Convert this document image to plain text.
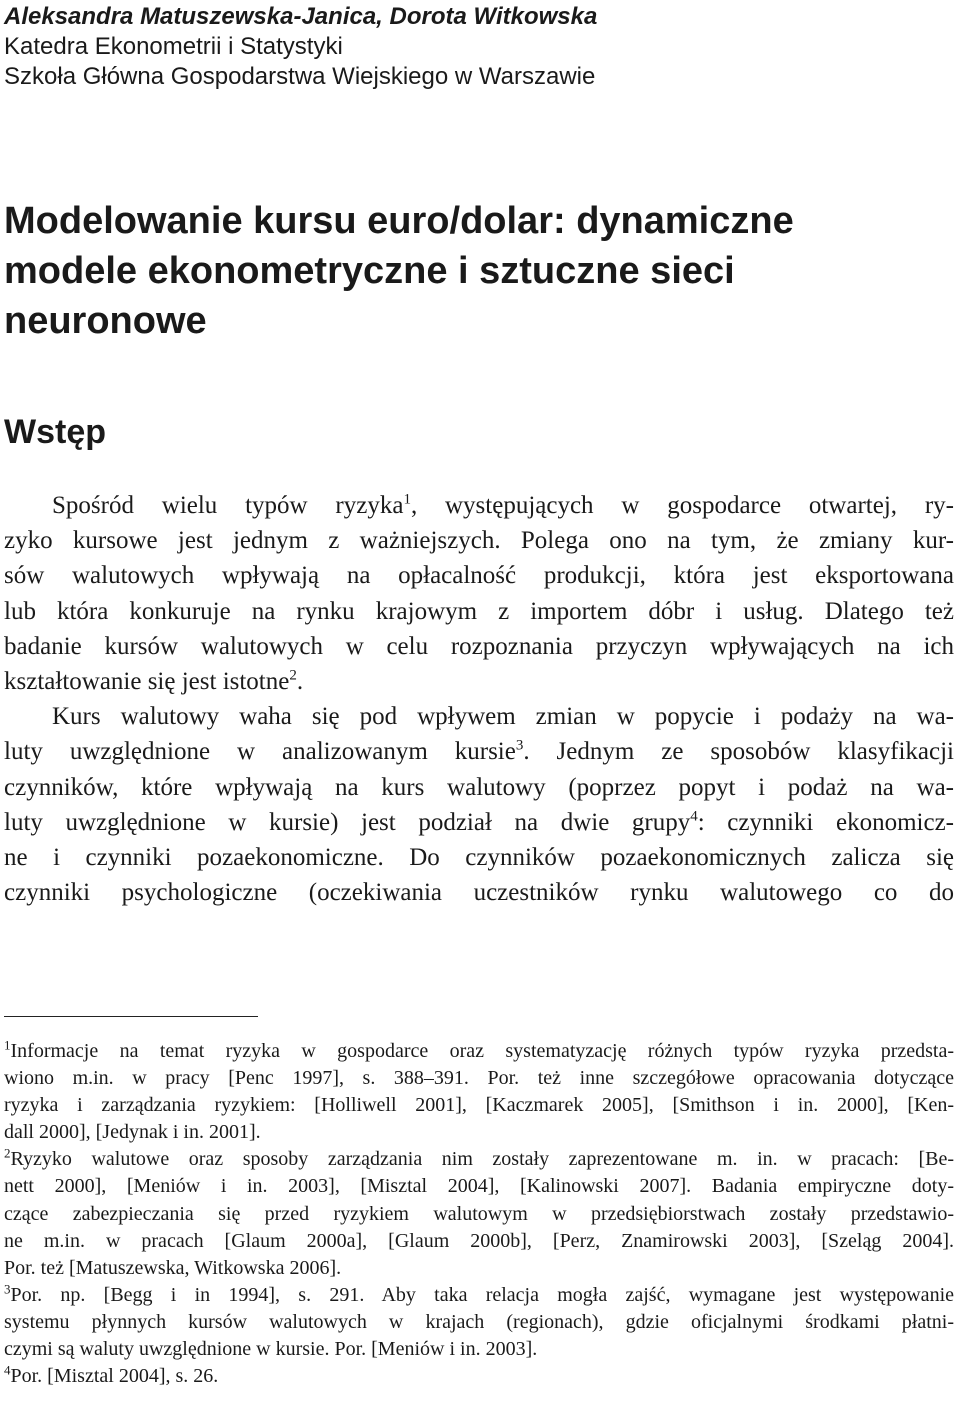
Aleksandra Matuszewska-Janica, Dorota Witkowska
Katedra Ekonometrii i Statystyki
Szkoła Główna Gospodarstwa Wiejskiego w Warszawie
Modelowanie kursu euro/dolar: dynamiczne
modele ekonometryczne i sztuczne sieci
neuronowe
Wstęp
Spośród wielu typów ryzyka$^1$, występujących w gospodarce otwartej, ry-
zyko kursowe jest jednym z ważniejszych. Polega ono na tym, że zmiany kur-
sów walutowych wpływają na opłacalność produkcji, która jest eksportowana
lub która konkuruje na rynku krajowym z importem dóbr i usług. Dlatego też
badanie kursów walutowych w celu rozpoznania przyczyn wpływających na ich
kształtowanie się jest istotne$^2$.
Kurs walutowy waha się pod wpływem zmian w popycie i podaży na wa-
luty uwzględnione w analizowanym kursie$^3$. Jednym ze sposobów klasyfikacji
czynników, które wpływają na kurs walutowy (poprzez popyt i podaż na wa-
luty uwzględnione w kursie) jest podział na dwie grupy$^4$: czynniki ekonomicz-
ne i czynniki pozaekonomiczne. Do czynników pozaekonomicznych zalicza się
czynniki psychologiczne (oczekiwania uczestników rynku walutowego co do
$^1$Informacje na temat ryzyka w gospodarce oraz systematyzację różnych typów ryzyka przedsta-
wiono m.in. w pracy [Penc 1997], s. 388–391. Por. też inne szczegółowe opracowania dotyczące
ryzyka i zarządzania ryzykiem: [Holliwell 2001], [Kaczmarek 2005], [Smithson i in. 2000], [Ken-
dall 2000], [Jedynak i in. 2001].
$^2$Ryzyko walutowe oraz sposoby zarządzania nim zostały zaprezentowane m. in. w pracach: [Be-
nett 2000], [Meniów i in. 2003], [Misztal 2004], [Kalinowski 2007]. Badania empiryczne doty-
czące zabezpieczania się przed ryzykiem walutowym w przedsiębiorstwach zostały przedstawio-
ne m.in. w pracach [Glaum 2000a], [Glaum 2000b], [Perz, Znamirowski 2003], [Szeląg 2004].
Por. też [Matuszewska, Witkowska 2006].
$^3$Por. np. [Begg i in 1994], s. 291. Aby taka relacja mogła zajść, wymagane jest występowanie
systemu płynnych kursów walutowych w krajach (regionach), gdzie oficjalnymi środkami płatni-
czymi są waluty uwzględnione w kursie. Por. [Meniów i in. 2003].
$^4$Por. [Misztal 2004], s. 26.
